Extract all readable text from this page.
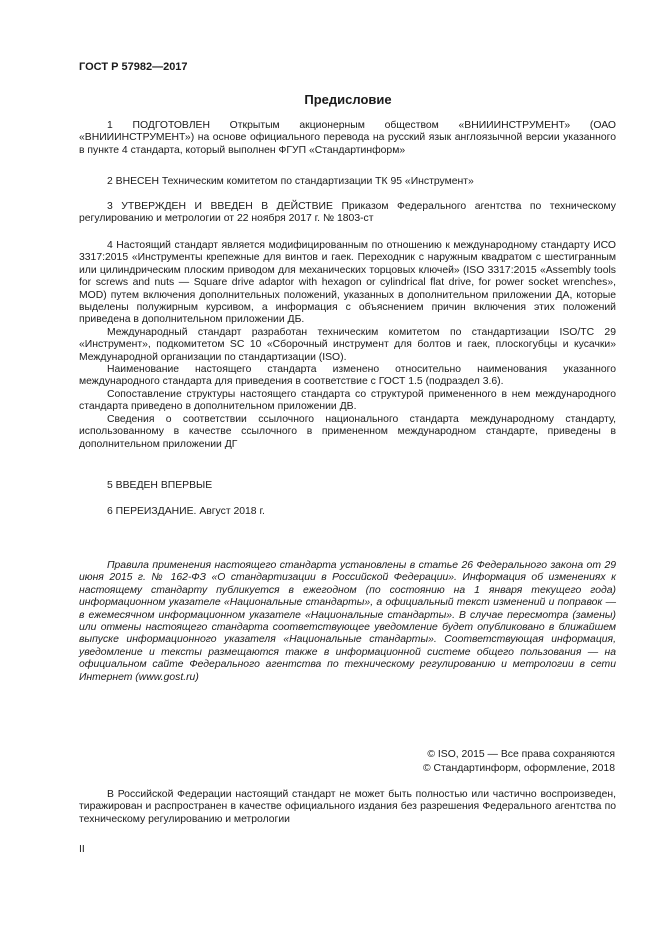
ГОСТ Р 57982—2017
Предисловие

1 ПОДГОТОВЛЕН Открытым акционерным обществом «ВНИИИНСТРУМЕНТ» (ОАО «ВНИИИНСТРУМЕНТ») на основе официального перевода на русский язык англоязычной версии указанного в пункте 4 стандарта, который выполнен ФГУП «Стандартинформ»

2 ВНЕСЕН Техническим комитетом по стандартизации ТК 95 «Инструмент»

3 УТВЕРЖДЕН И ВВЕДЕН В ДЕЙСТВИЕ Приказом Федерального агентства по техническому регулированию и метрологии от 22 ноября 2017 г. № 1803-ст

4 Настоящий стандарт является модифицированным по отношению к международному стандарту ИСО 3317:2015 «Инструменты крепежные для винтов и гаек. Переходник с наружным квадратом с шестигранным или цилиндрическим плоским приводом для механических торцовых ключей» (ISO 3317:2015 «Assembly tools for screws and nuts — Square drive adaptor with hexagon or cylindrical flat drive, for power socket wrenches», MOD) путем включения дополнительных положений, указанных в дополнительном приложении ДА, которые выделены полужирным курсивом, а информация с объяснением причин включения этих положений приведена в дополнительном приложении ДБ.

Международный стандарт разработан техническим комитетом по стандартизации ISO/TC 29 «Инструмент», подкомитетом SC 10 «Сборочный инструмент для болтов и гаек, плоскогубцы и кусачки» Международной организации по стандартизации (ISO).

Наименование настоящего стандарта изменено относительно наименования указанного международного стандарта для приведения в соответствие с ГОСТ 1.5 (подраздел 3.6).

Сопоставление структуры настоящего стандарта со структурой примененного в нем международного стандарта приведено в дополнительном приложении ДВ.

Сведения о соответствии ссылочного национального стандарта международному стандарту, использованному в качестве ссылочного в примененном международном стандарте, приведены в дополнительном приложении ДГ

5 ВВЕДЕН ВПЕРВЫЕ

6 ПЕРЕИЗДАНИЕ. Август 2018 г.

Правила применения настоящего стандарта установлены в статье 26 Федерального закона от 29 июня 2015 г. № 162-ФЗ «О стандартизации в Российской Федерации». Информация об изменениях к настоящему стандарту публикуется в ежегодном (по состоянию на 1 января текущего года) информационном указателе «Национальные стандарты», а официальный текст изменений и поправок — в ежемесячном информационном указателе «Национальные стандарты». В случае пересмотра (замены) или отмены настоящего стандарта соответствующее уведомление будет опубликовано в ближайшем выпуске информационного указателя «Национальные стандарты». Соответствующая информация, уведомление и тексты размещаются также в информационной системе общего пользования — на официальном сайте Федерального агентства по техническому регулированию и метрологии в сети Интернет (www.gost.ru)

© ISO, 2015 — Все права сохраняются
© Стандартинформ, оформление, 2018

В Российской Федерации настоящий стандарт не может быть полностью или частично воспроизведен, тиражирован и распространен в качестве официального издания без разрешения Федерального агентства по техническому регулированию и метрологии

II
